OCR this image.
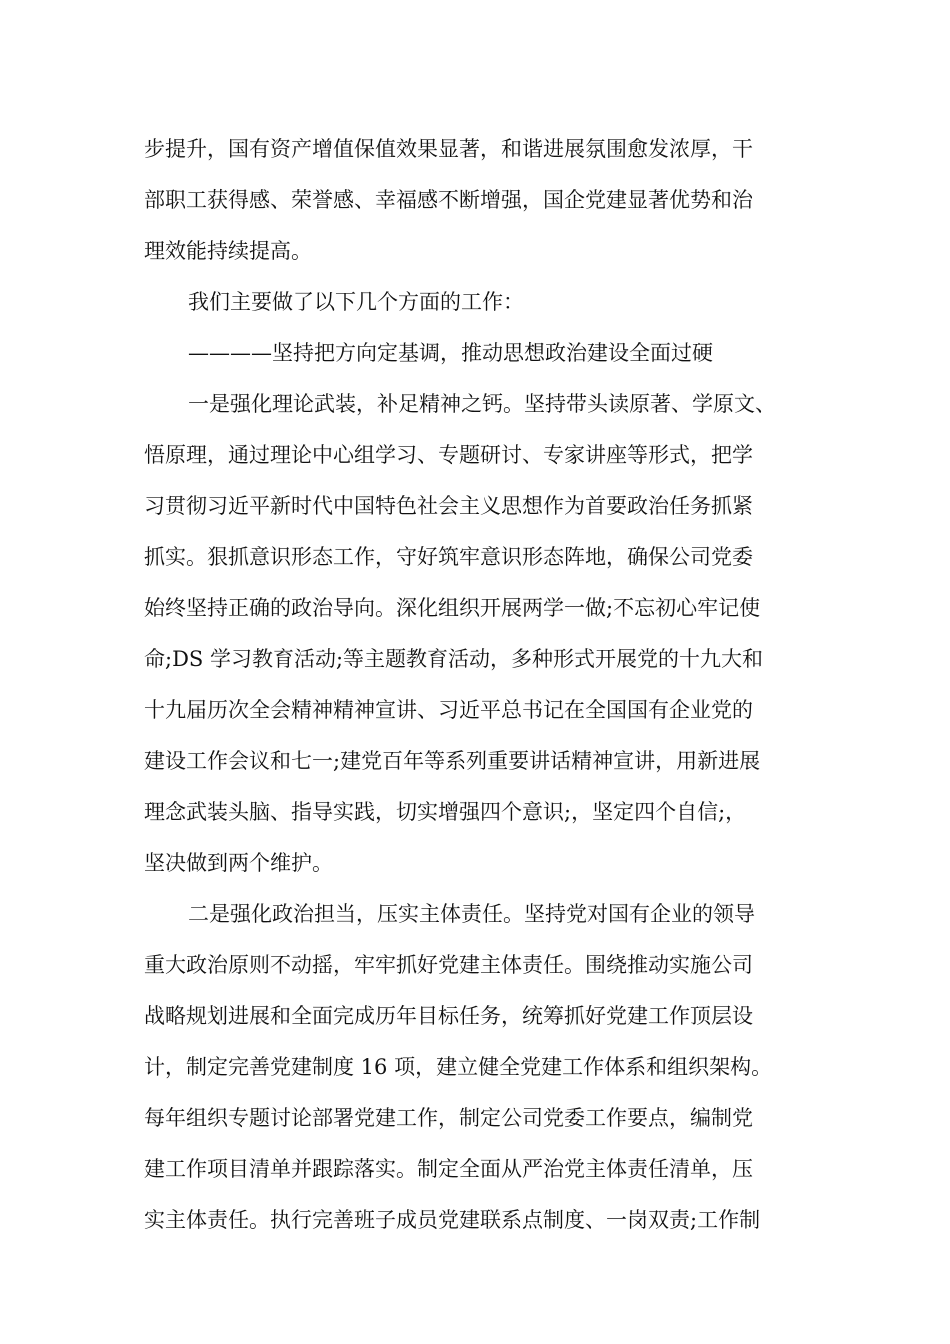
步提升，国有资产增值保值效果显著，和谐进展氛围愈发浓厚，干
部职工获得感、荣誉感、幸福感不断增强，国企党建显著优势和治
理效能持续提高。
我们主要做了以下几个方面的工作：
————坚持把方向定基调，推动思想政治建设全面过硬
一是强化理论武装，补足精神之钙。坚持带头读原著、学原文、
悟原理，通过理论中心组学习、专题研讨、专家讲座等形式，把学
习贯彻习近平新时代中国特色社会主义思想作为首要政治任务抓紧
抓实。狠抓意识形态工作，守好筑牢意识形态阵地，确保公司党委
始终坚持正确的政治导向。深化组织开展两学一做;不忘初心牢记使
命;DS 学习教育活动;等主题教育活动，多种形式开展党的十九大和
十九届历次全会精神精神宣讲、习近平总书记在全国国有企业党的
建设工作会议和七一;建党百年等系列重要讲话精神宣讲，用新进展
理念武装头脑、指导实践，切实增强四个意识;，坚定四个自信;，
坚决做到两个维护。
二是强化政治担当，压实主体责任。坚持党对国有企业的领导
重大政治原则不动摇，牢牢抓好党建主体责任。围绕推动实施公司
战略规划进展和全面完成历年目标任务，统筹抓好党建工作顶层设
计，制定完善党建制度 16 项，建立健全党建工作体系和组织架构。
每年组织专题讨论部署党建工作，制定公司党委工作要点，编制党
建工作项目清单并跟踪落实。制定全面从严治党主体责任清单，压
实主体责任。执行完善班子成员党建联系点制度、一岗双责;工作制
